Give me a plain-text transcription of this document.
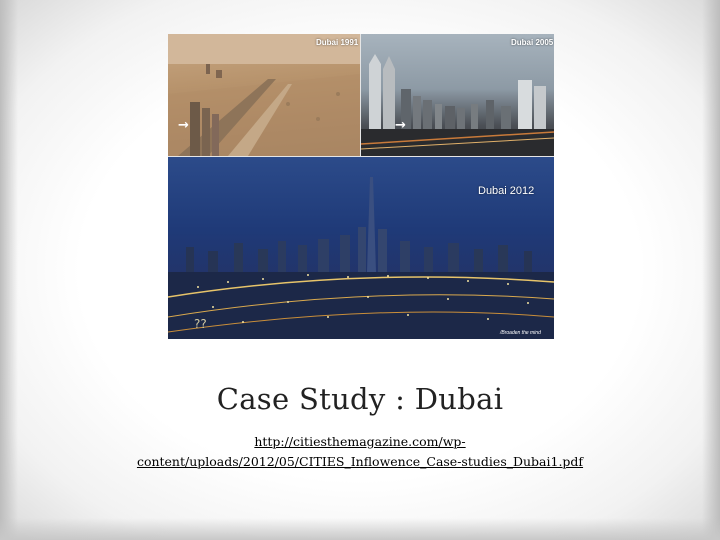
Dubai 1991
→
Dubai 2005
→
Dubai 2012
??
/Broaden the mind
Case Study : Dubai
http://citiesthemagazine.com/wp-
content/uploads/2012/05/CITIES_Inflowence_Case-studies_Dubai1.pdf
